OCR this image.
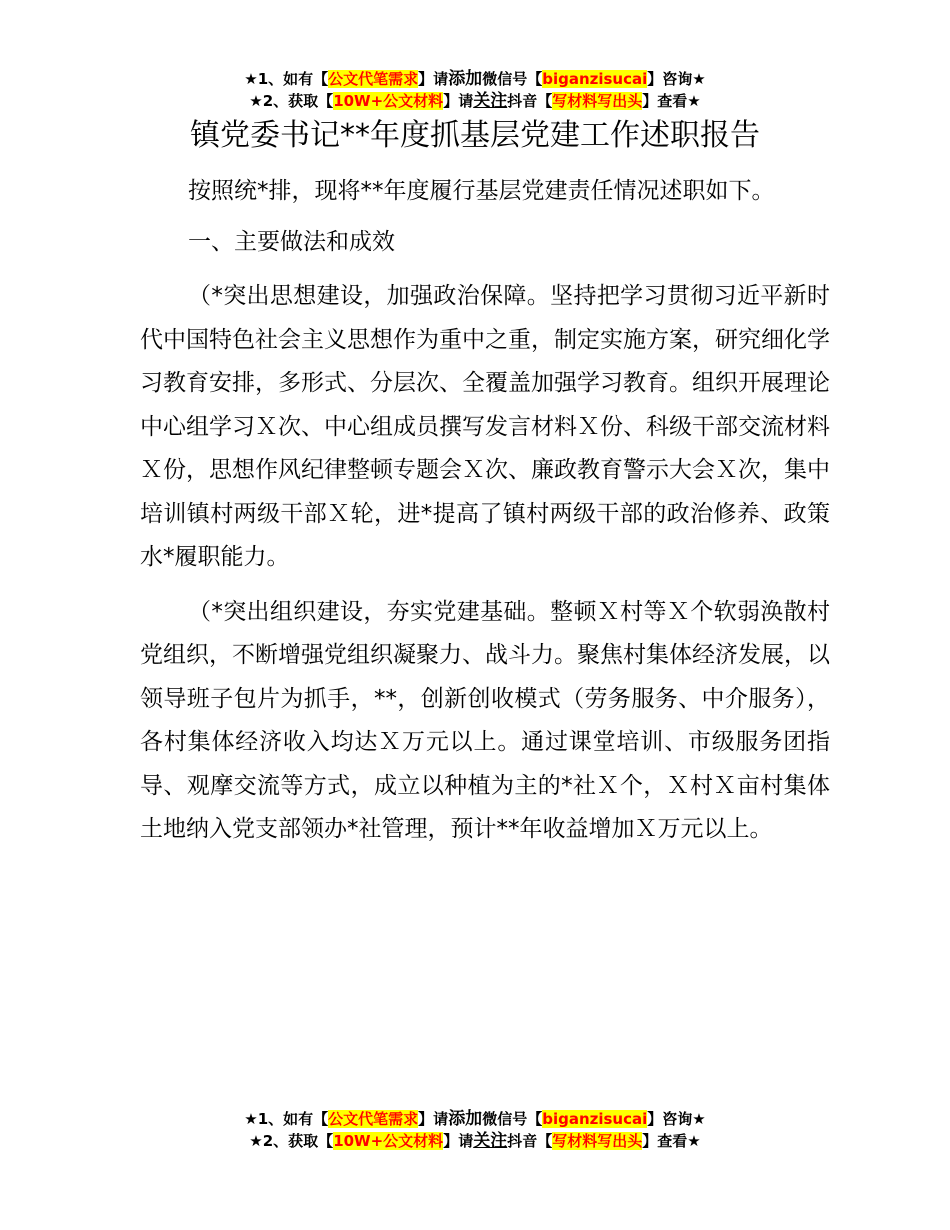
★1、如有【公文代笔需求】请添加微信号【biganzisucai】咨询★
★2、获取【10W+公文材料】请关注抖音【写材料写出头】查看★
镇党委书记**年度抓基层党建工作述职报告

按照统*排，现将**年度履行基层党建责任情况述职如下。

一、主要做法和成效

（*突出思想建设，加强政治保障。坚持把学习贯彻习近平新时代中国特色社会主义思想作为重中之重，制定实施方案，研究细化学习教育安排，多形式、分层次、全覆盖加强学习教育。组织开展理论中心组学习Ｘ次、中心组成员撰写发言材料Ｘ份、科级干部交流材料Ｘ份，思想作风纪律整顿专题会Ｘ次、廉政教育警示大会Ｘ次，集中培训镇村两级干部Ｘ轮，进*提高了镇村两级干部的政治修养、政策水*履职能力。

（*突出组织建设，夯实党建基础。整顿Ｘ村等Ｘ个软弱涣散村党组织，不断增强党组织凝聚力、战斗力。聚焦村集体经济发展，以领导班子包片为抓手，**，创新创收模式（劳务服务、中介服务），各村集体经济收入均达Ｘ万元以上。通过课堂培训、市级服务团指导、观摩交流等方式，成立以种植为主的*社Ｘ个，Ｘ村Ｘ亩村集体土地纳入党支部领办*社管理，预计**年收益增加Ｘ万元以上。

★1、如有【公文代笔需求】请添加微信号【biganzisucai】咨询★
★2、获取【10W+公文材料】请关注抖音【写材料写出头】查看★
